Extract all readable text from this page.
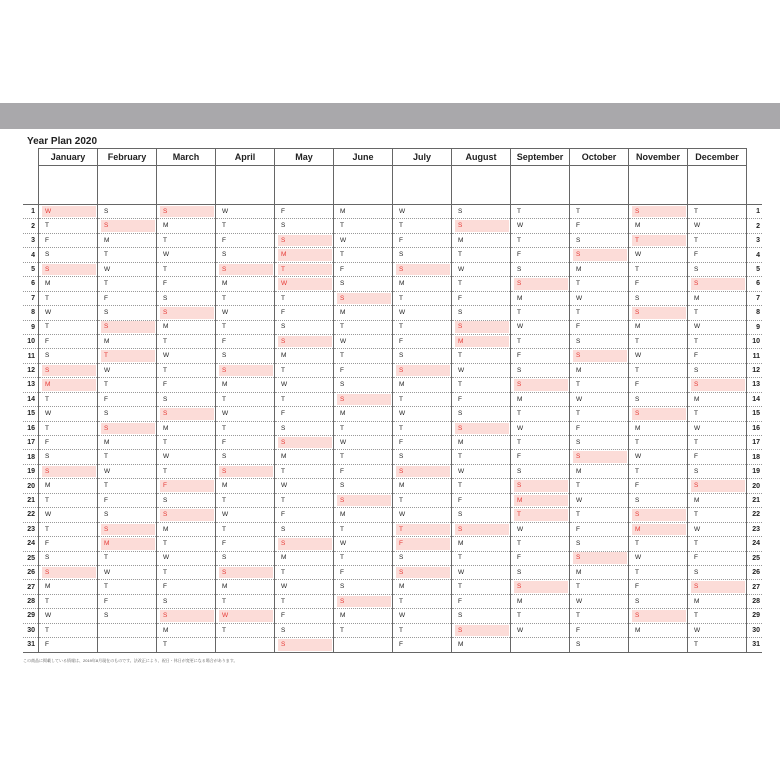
Year Plan 2020
	January	February	March	April	May	June	July	August	September	October	November	December	

1	W	S	S	W	F	M	W	S	T	T	S	T	1
2	T	S	M	T	S	T	T	S	W	F	M	W	2
3	F	M	T	F	S	W	F	M	T	S	T	T	3
4	S	T	W	S	M	T	S	T	F	S	W	F	4
5	S	W	T	S	T	F	S	W	S	M	T	S	5
6	M	T	F	M	W	S	M	T	S	T	F	S	6
7	T	F	S	T	T	S	T	F	M	W	S	M	7
8	W	S	S	W	F	M	W	S	T	T	S	T	8
9	T	S	M	T	S	T	T	S	W	F	M	W	9
10	F	M	T	F	S	W	F	M	T	S	T	T	10
11	S	T	W	S	M	T	S	T	F	S	W	F	11
12	S	W	T	S	T	F	S	W	S	M	T	S	12
13	M	T	F	M	W	S	M	T	S	T	F	S	13
14	T	F	S	T	T	S	T	F	M	W	S	M	14
15	W	S	S	W	F	M	W	S	T	T	S	T	15
16	T	S	M	T	S	T	T	S	W	F	M	W	16
17	F	M	T	F	S	W	F	M	T	S	T	T	17
18	S	T	W	S	M	T	S	T	F	S	W	F	18
19	S	W	T	S	T	F	S	W	S	M	T	S	19
20	M	T	F	M	W	S	M	T	S	T	F	S	20
21	T	F	S	T	T	S	T	F	M	W	S	M	21
22	W	S	S	W	F	M	W	S	T	T	S	T	22
23	T	S	M	T	S	T	T	S	W	F	M	W	23
24	F	M	T	F	S	W	F	M	T	S	T	T	24
25	S	T	W	S	M	T	S	T	F	S	W	F	25
26	S	W	T	S	T	F	S	W	S	M	T	S	26
27	M	T	F	M	W	S	M	T	S	T	F	S	27
28	T	F	S	T	T	S	T	F	M	W	S	M	28
29	W	S	S	W	F	M	W	S	T	T	S	T	29
30	T		M	T	S	T	T	S	W	F	M	W	30
31	F		T		S		F	M		S		T	31
この商品に掲載している情報は、2019年8月現在のものです。法改正により、祝日・休日が変更になる場合があります。
